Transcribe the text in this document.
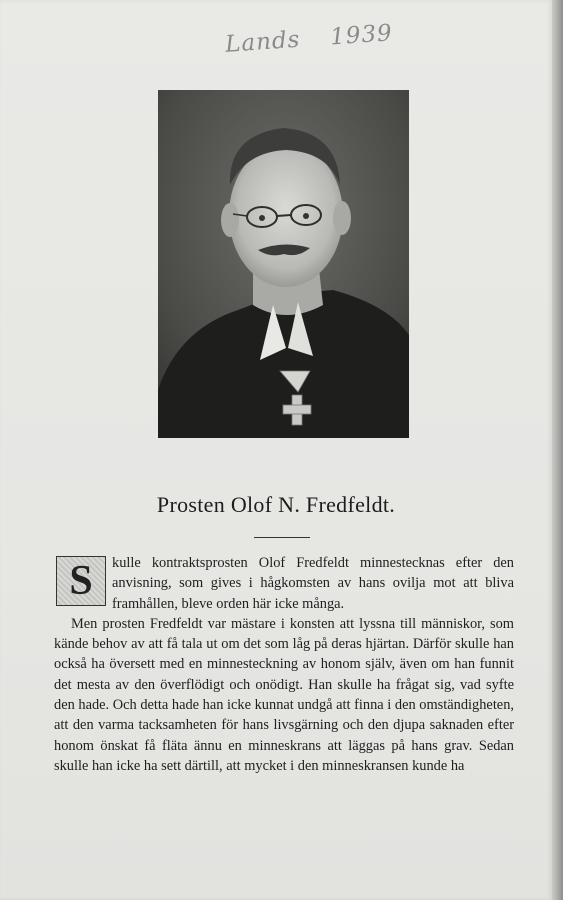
Lands 1939
Prosten Olof N. Fredfeldt.

S	kulle kontraktsprosten Olof Fredfeldt minnestecknas efter den anvisning, som gives i hågkomsten av hans ovilja mot att bliva framhållen, bleve orden här icke många.

Men prosten Fredfeldt var mästare i konsten att lyssna till människor, som kände behov av att få tala ut om det som låg på deras hjärtan. Därför skulle han också ha översett med en minnesteckning av honom själv, även om han funnit det mesta av den överflödigt och onödigt. Han skulle ha frågat sig, vad syfte den hade. Och detta hade han icke kunnat undgå att finna i den omständigheten, att den varma tacksamheten för hans livsgärning och den djupa saknaden efter honom önskat få fläta ännu en minneskrans att läggas på hans grav. Sedan skulle han icke ha sett därtill, att mycket i den minneskransen kunde ha
